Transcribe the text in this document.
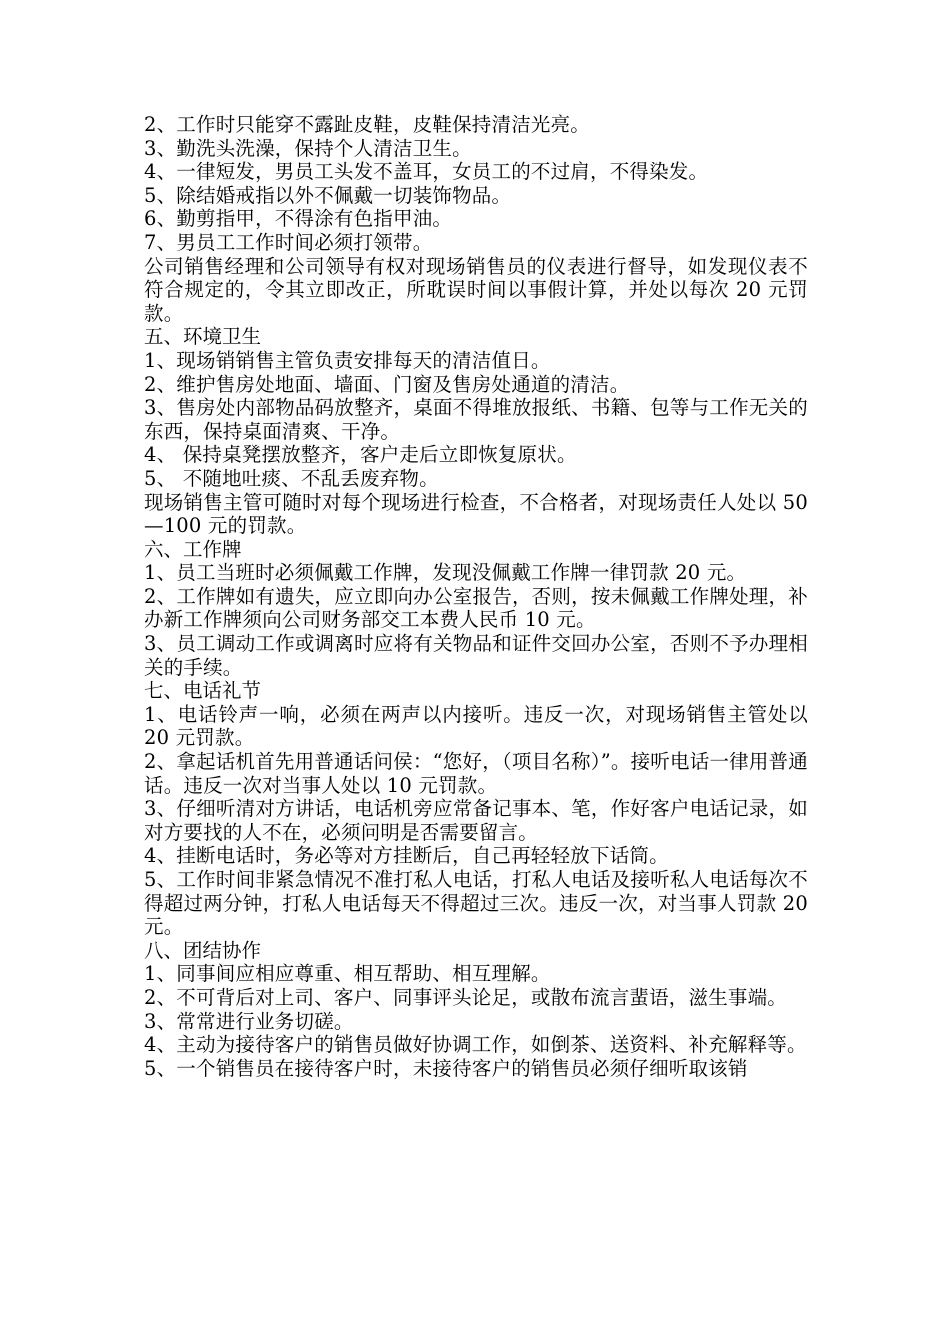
2、工作时只能穿不露趾皮鞋，皮鞋保持清洁光亮。

3、勤洗头洗澡，保持个人清洁卫生。

4、一律短发，男员工头发不盖耳，女员工的不过肩，不得染发。

5、除结婚戒指以外不佩戴一切装饰物品。

6、勤剪指甲，不得涂有色指甲油。

7、男员工工作时间必须打领带。

公司销售经理和公司领导有权对现场销售员的仪表进行督导，如发现仪表不符合规定的，令其立即改正，所耽误时间以事假计算，并处以每次 20 元罚款。

五、环境卫生

1、现场销销售主管负责安排每天的清洁值日。

2、维护售房处地面、墙面、门窗及售房处通道的清洁。

3、售房处内部物品码放整齐，桌面不得堆放报纸、书籍、包等与工作无关的东西，保持桌面清爽、干净。

4、 保持桌凳摆放整齐，客户走后立即恢复原状。

5、 不随地吐痰、不乱丢废弃物。

现场销售主管可随时对每个现场进行检查，不合格者，对现场责任人处以 50—100 元的罚款。

六、工作牌

1、员工当班时必须佩戴工作牌，发现没佩戴工作牌一律罚款 20 元。

2、工作牌如有遗失，应立即向办公室报告，否则，按未佩戴工作牌处理，补办新工作牌须向公司财务部交工本费人民币 10 元。

3、员工调动工作或调离时应将有关物品和证件交回办公室，否则不予办理相关的手续。

七、电话礼节

1、电话铃声一响，必须在两声以内接听。违反一次，对现场销售主管处以 20 元罚款。

2、拿起话机首先用普通话问侯：“您好，（项目名称）”。接听电话一律用普通话。违反一次对当事人处以 10 元罚款。

3、仔细听清对方讲话，电话机旁应常备记事本、笔，作好客户电话记录，如对方要找的人不在，必须问明是否需要留言。

4、挂断电话时，务必等对方挂断后，自己再轻轻放下话筒。

5、工作时间非紧急情况不准打私人电话，打私人电话及接听私人电话每次不得超过两分钟，打私人电话每天不得超过三次。违反一次，对当事人罚款 20 元。

八、团结协作

1、同事间应相应尊重、相互帮助、相互理解。

2、不可背后对上司、客户、同事评头论足，或散布流言蜚语，滋生事端。

3、常常进行业务切磋。

4、主动为接待客户的销售员做好协调工作，如倒茶、送资料、补充解释等。

5、一个销售员在接待客户时，未接待客户的销售员必须仔细听取该销
